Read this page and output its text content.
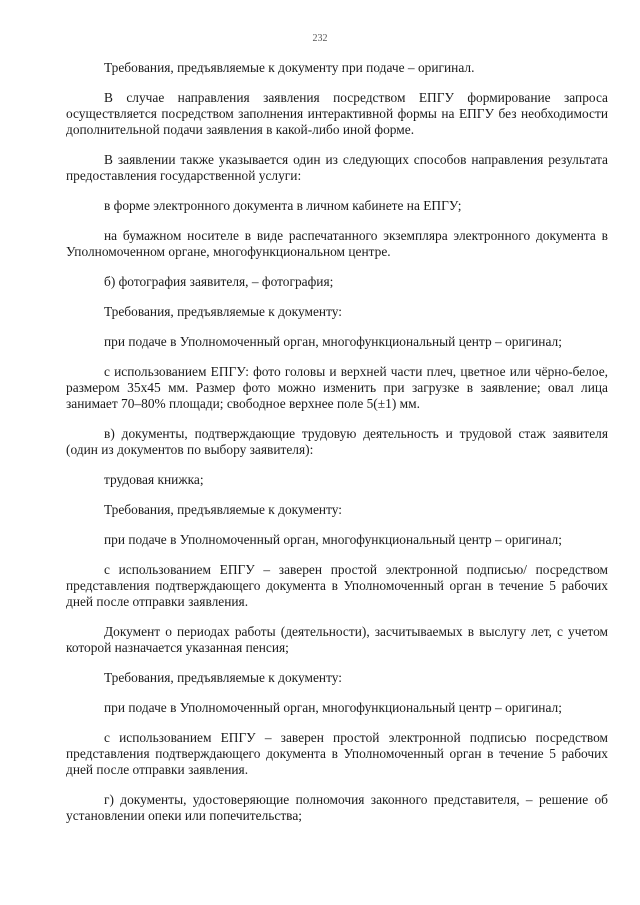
232

Требования, предъявляемые к документу при подаче – оригинал.

В случае направления заявления посредством ЕПГУ формирование запроса осуществляется посредством заполнения интерактивной формы на ЕПГУ без необходимости дополнительной подачи заявления в какой-либо иной форме.

В заявлении также указывается один из следующих способов направления результата предоставления государственной услуги:

в форме электронного документа в личном кабинете на ЕПГУ;

на бумажном носителе в виде распечатанного экземпляра электронного документа в Уполномоченном органе, многофункциональном центре.

б) фотография заявителя, – фотография;

Требования, предъявляемые к документу:

при подаче в Уполномоченный орган, многофункциональный центр – оригинал;

с использованием ЕПГУ: фото головы и верхней части плеч, цветное или чёрно-белое, размером 35x45 мм. Размер фото можно изменить при загрузке в заявление; овал лица занимает 70–80% площади; свободное верхнее поле 5(±1) мм.

в) документы, подтверждающие трудовую деятельность и трудовой стаж заявителя (один из документов по выбору заявителя):

трудовая книжка;

Требования, предъявляемые к документу:

при подаче в Уполномоченный орган, многофункциональный центр – оригинал;

с использованием ЕПГУ – заверен простой электронной подписью/ посредством представления подтверждающего документа в Уполномоченный орган в течение 5 рабочих дней после отправки заявления.

Документ о периодах работы (деятельности), засчитываемых в выслугу лет, с учетом которой назначается указанная пенсия;

Требования, предъявляемые к документу:

при подаче в Уполномоченный орган, многофункциональный центр – оригинал;

с использованием ЕПГУ – заверен простой электронной подписью посредством представления подтверждающего документа в Уполномоченный орган в течение 5 рабочих дней после отправки заявления.

г) документы, удостоверяющие полномочия законного представителя, – решение об установлении опеки или попечительства;
